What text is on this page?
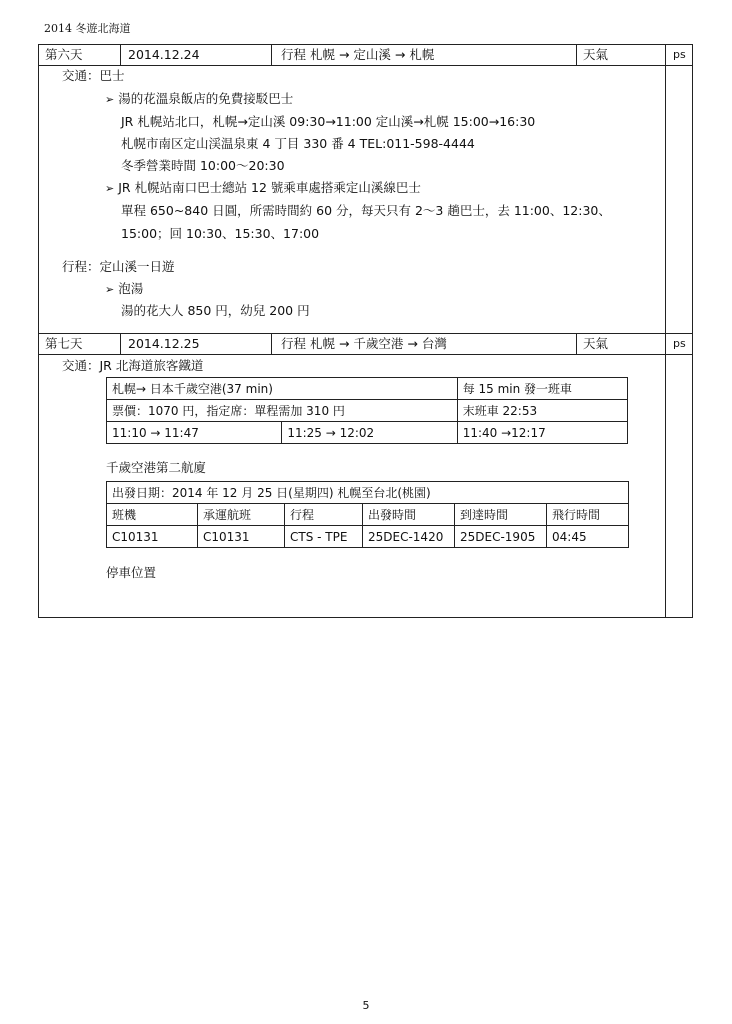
2014 冬遊北海道
第六天	2014.12.24	行程 札幌 → 定山溪 → 札幌	天氣	ps
交通：巴士
➢ 湯的花溫泉飯店的免費接駁巴士
JR 札幌站北口，札幌→定山溪 09:30→11:00 定山溪→札幌 15:00→16:30
札幌市南区定山渓温泉東 4 丁目 330 番 4 TEL:011-598-4444
冬季營業時間 10:00～20:30
➢ JR 札幌站南口巴士總站 12 號乘車處搭乘定山溪線巴士
單程 650~840 日圓，所需時間約 60 分，每天只有 2～3 趟巴士，去 11:00、12:30、
15:00；回 10:30、15:30、17:00
行程：定山溪一日遊
➢ 泡湯
湯的花大人 850 円，幼兒 200 円
第七天	2014.12.25	行程 札幌 → 千歲空港 → 台灣	天氣	ps
交通：JR 北海道旅客鐵道
札幌→ 日本千歲空港(37 min)		每 15 min 發一班車
票價：1070 円，指定席：單程需加 310 円		末班車 22:53
11:10 → 11:47	11:25 → 12:02	11:40 →12:17
千歲空港第二航廈
出發日期：2014 年 12 月 25 日(星期四) 札幌至台北(桃園)					
班機	承運航班	行程	出發時間	到達時間	飛行時間
C10131	C10131	CTS - TPE	25DEC-1420	25DEC-1905	04:45
停車位置
5
